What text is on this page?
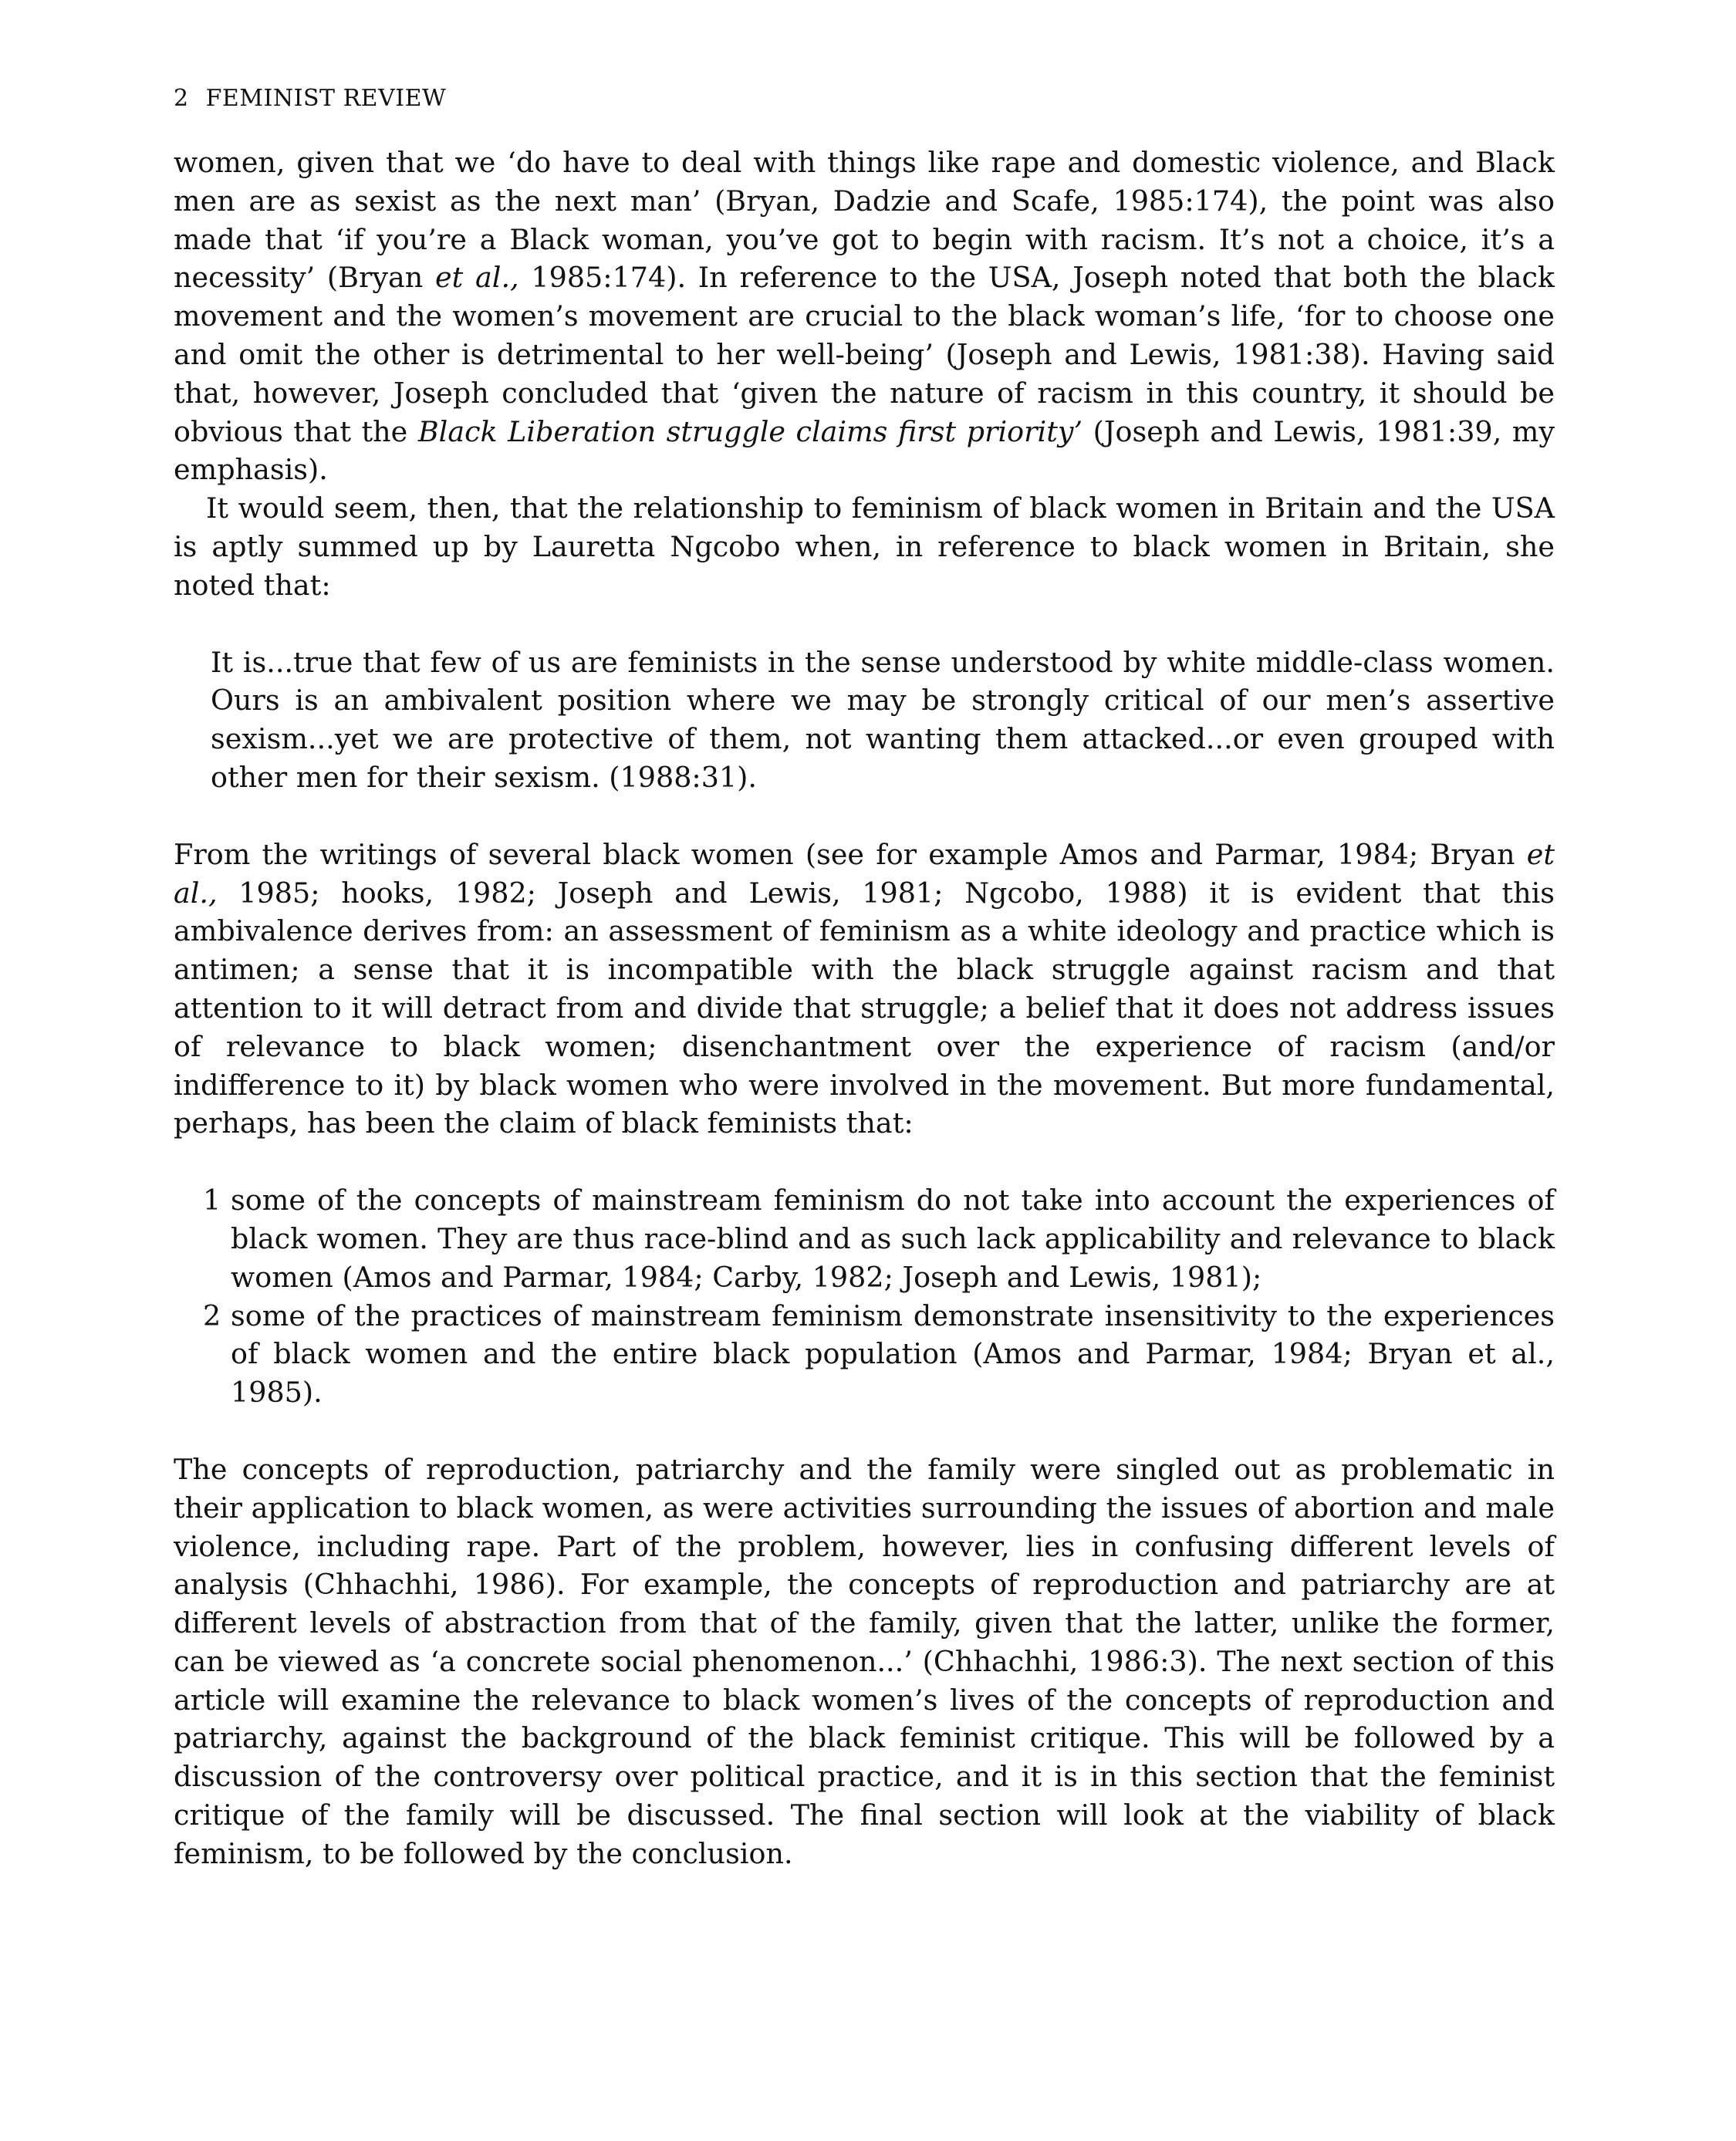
2 FEMINIST REVIEW

women, given that we ‘do have to deal with things like rape and domestic violence, and Black men are as sexist as the next man’ (Bryan, Dadzie and Scafe, 1985:174), the point was also made that ‘if you’re a Black woman, you’ve got to begin with racism. It’s not a choice, it’s a necessity’ (Bryan et al., 1985:174). In reference to the USA, Joseph noted that both the black movement and the women’s movement are crucial to the black woman’s life, ‘for to choose one and omit the other is detrimental to her well-being’ (Joseph and Lewis, 1981:38). Having said that, however, Joseph concluded that ‘given the nature of racism in this country, it should be obvious that the Black Liberation struggle claims first priority’ (Joseph and Lewis, 1981:39, my emphasis).

It would seem, then, that the relationship to feminism of black women in Britain and the USA is aptly summed up by Lauretta Ngcobo when, in reference to black women in Britain, she noted that:

It is...true that few of us are feminists in the sense understood by white middle-class women. Ours is an ambivalent position where we may be strongly critical of our men’s assertive sexism...yet we are protective of them, not wanting them attacked...or even grouped with other men for their sexism. (1988:31).

From the writings of several black women (see for example Amos and Parmar, 1984; Bryan et al., 1985; hooks, 1982; Joseph and Lewis, 1981; Ngcobo, 1988) it is evident that this ambivalence derives from: an assessment of feminism as a white ideology and practice which is antimen; a sense that it is incompatible with the black struggle against racism and that attention to it will detract from and divide that struggle; a belief that it does not address issues of relevance to black women; disenchantment over the experience of racism (and/or indifference to it) by black women who were involved in the movement. But more fundamental, perhaps, has been the claim of black feminists that:

1 some of the concepts of mainstream feminism do not take into account the experiences of black women. They are thus race-blind and as such lack applicability and relevance to black women (Amos and Parmar, 1984; Carby, 1982; Joseph and Lewis, 1981);
2 some of the practices of mainstream feminism demonstrate insensitivity to the experiences of black women and the entire black population (Amos and Parmar, 1984; Bryan et al., 1985).

The concepts of reproduction, patriarchy and the family were singled out as problematic in their application to black women, as were activities surrounding the issues of abortion and male violence, including rape. Part of the problem, however, lies in confusing different levels of analysis (Chhachhi, 1986). For example, the concepts of reproduction and patriarchy are at different levels of abstraction from that of the family, given that the latter, unlike the former, can be viewed as ‘a concrete social phenomenon...’ (Chhachhi, 1986:3). The next section of this article will examine the relevance to black women’s lives of the concepts of reproduction and patriarchy, against the background of the black feminist critique. This will be followed by a discussion of the controversy over political practice, and it is in this section that the feminist critique of the family will be discussed. The final section will look at the viability of black feminism, to be followed by the conclusion.
